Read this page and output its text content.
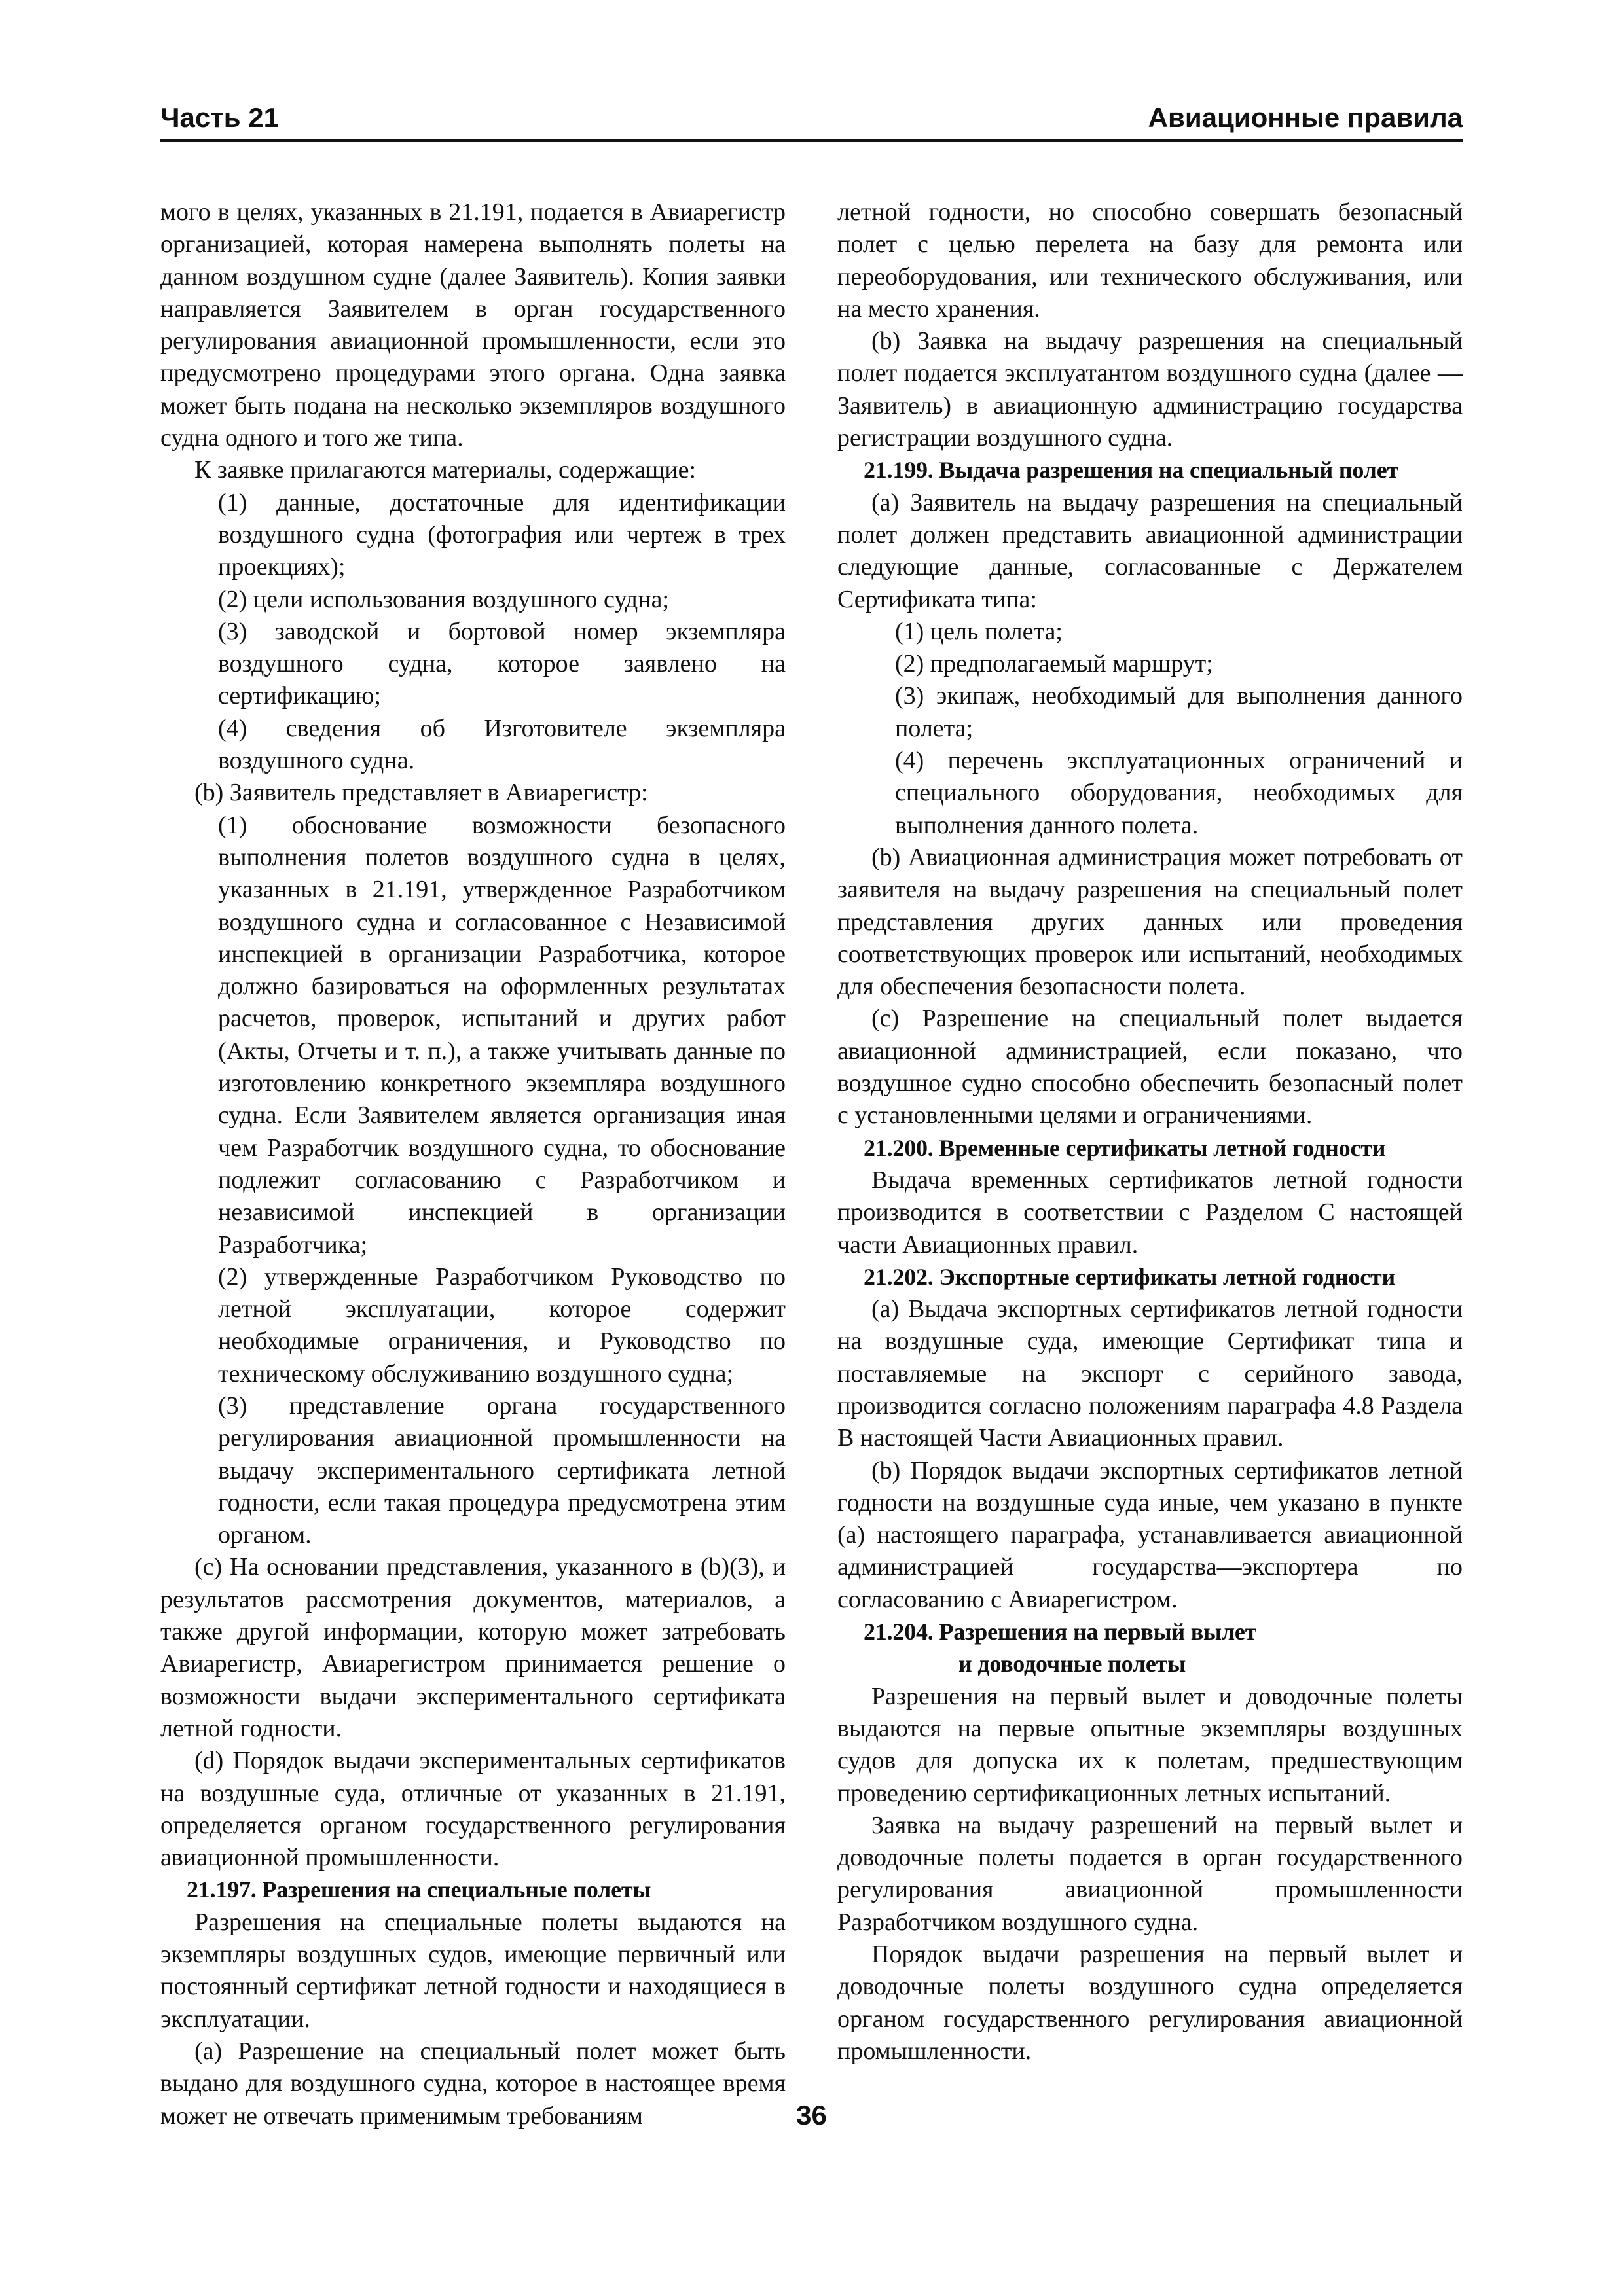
Часть 21	Авиационные правила

мого в целях, указанных в 21.191, подается в Авиарегистр организацией, которая намерена выполнять полеты на данном воздушном судне (далее Заявитель). Копия заявки направляется Заявителем в орган государственного регулирования авиационной промышленности, если это предусмотрено процедурами этого органа. Одна заявка может быть подана на несколько экземпляров воздушного судна одного и того же типа.

К заявке прилагаются материалы, содержащие:

(1) данные, достаточные для идентификации воздушного судна (фотография или чертеж в трех проекциях);

(2) цели использования воздушного судна;

(3) заводской и бортовой номер экземпляра воздушного судна, которое заявлено на сертификацию;

(4) сведения об Изготовителе экземпляра воздушного судна.

(b) Заявитель представляет в Авиарегистр:

(1) обоснование возможности безопасного выполнения полетов воздушного судна в целях, указанных в 21.191, утвержденное Разработчиком воздушного судна и согласованное с Независимой инспекцией в организации Разработчика, которое должно базироваться на оформленных результатах расчетов, проверок, испытаний и других работ (Акты, Отчеты и т. п.), а также учитывать данные по изготовлению конкретного экземпляра воздушного судна. Если Заявителем является организация иная чем Разработчик воздушного судна, то обоснование подлежит согласованию с Разработчиком и независимой инспекцией в организации Разработчика;

(2) утвержденные Разработчиком Руководство по летной эксплуатации, которое содержит необходимые ограничения, и Руководство по техническому обслуживанию воздушного судна;

(3) представление органа государственного регулирования авиационной промышленности на выдачу экспериментального сертификата летной годности, если такая процедура предусмотрена этим органом.

(c) На основании представления, указанного в (b)(3), и результатов рассмотрения документов, материалов, а также другой информации, которую может затребовать Авиарегистр, Авиарегистром принимается решение о возможности выдачи экспериментального сертификата летной годности.

(d) Порядок выдачи экспериментальных сертификатов на воздушные суда, отличные от указанных в 21.191, определяется органом государственного регулирования авиационной промышленности.

21.197. Разрешения на специальные полеты

Разрешения на специальные полеты выдаются на экземпляры воздушных судов, имеющие первичный или постоянный сертификат летной годности и находящиеся в эксплуатации.

(a) Разрешение на специальный полет может быть выдано для воздушного судна, которое в настоящее время может не отвечать применимым требованиям

летной годности, но способно совершать безопасный полет с целью перелета на базу для ремонта или переоборудования, или технического обслуживания, или на место хранения.

(b) Заявка на выдачу разрешения на специальный полет подается эксплуатантом воздушного судна (далее — Заявитель) в авиационную администрацию государства регистрации воздушного судна.

21.199. Выдача разрешения на специальный полет

(a) Заявитель на выдачу разрешения на специальный полет должен представить авиационной администрации следующие данные, согласованные с Держателем Сертификата типа:

(1) цель полета;

(2) предполагаемый маршрут;

(3) экипаж, необходимый для выполнения данного полета;

(4) перечень эксплуатационных ограничений и специального оборудования, необходимых для выполнения данного полета.

(b) Авиационная администрация может потребовать от заявителя на выдачу разрешения на специальный полет представления других данных или проведения соответствующих проверок или испытаний, необходимых для обеспечения безопасности полета.

(c) Разрешение на специальный полет выдается авиационной администрацией, если показано, что воздушное судно способно обеспечить безопасный полет с установленными целями и ограничениями.

21.200. Временные сертификаты летной годности

Выдача временных сертификатов летной годности производится в соответствии с Разделом С настоящей части Авиационных правил.

21.202. Экспортные сертификаты летной годности

(a) Выдача экспортных сертификатов летной годности на воздушные суда, имеющие Сертификат типа и поставляемые на экспорт с серийного завода, производится согласно положениям параграфа 4.8 Раздела В настоящей Части Авиационных правил.

(b) Порядок выдачи экспортных сертификатов летной годности на воздушные суда иные, чем указано в пункте (a) настоящего параграфа, устанавливается авиационной администрацией государства—экспортера по согласованию с Авиарегистром.

21.204. Разрешения на первый вылет
и доводочные полеты

Разрешения на первый вылет и доводочные полеты выдаются на первые опытные экземпляры воздушных судов для допуска их к полетам, предшествующим проведению сертификационных летных испытаний.

Заявка на выдачу разрешений на первый вылет и доводочные полеты подается в орган государственного регулирования авиационной промышленности Разработчиком воздушного судна.

Порядок выдачи разрешения на первый вылет и доводочные полеты воздушного судна определяется органом государственного регулирования авиационной промышленности.

36
